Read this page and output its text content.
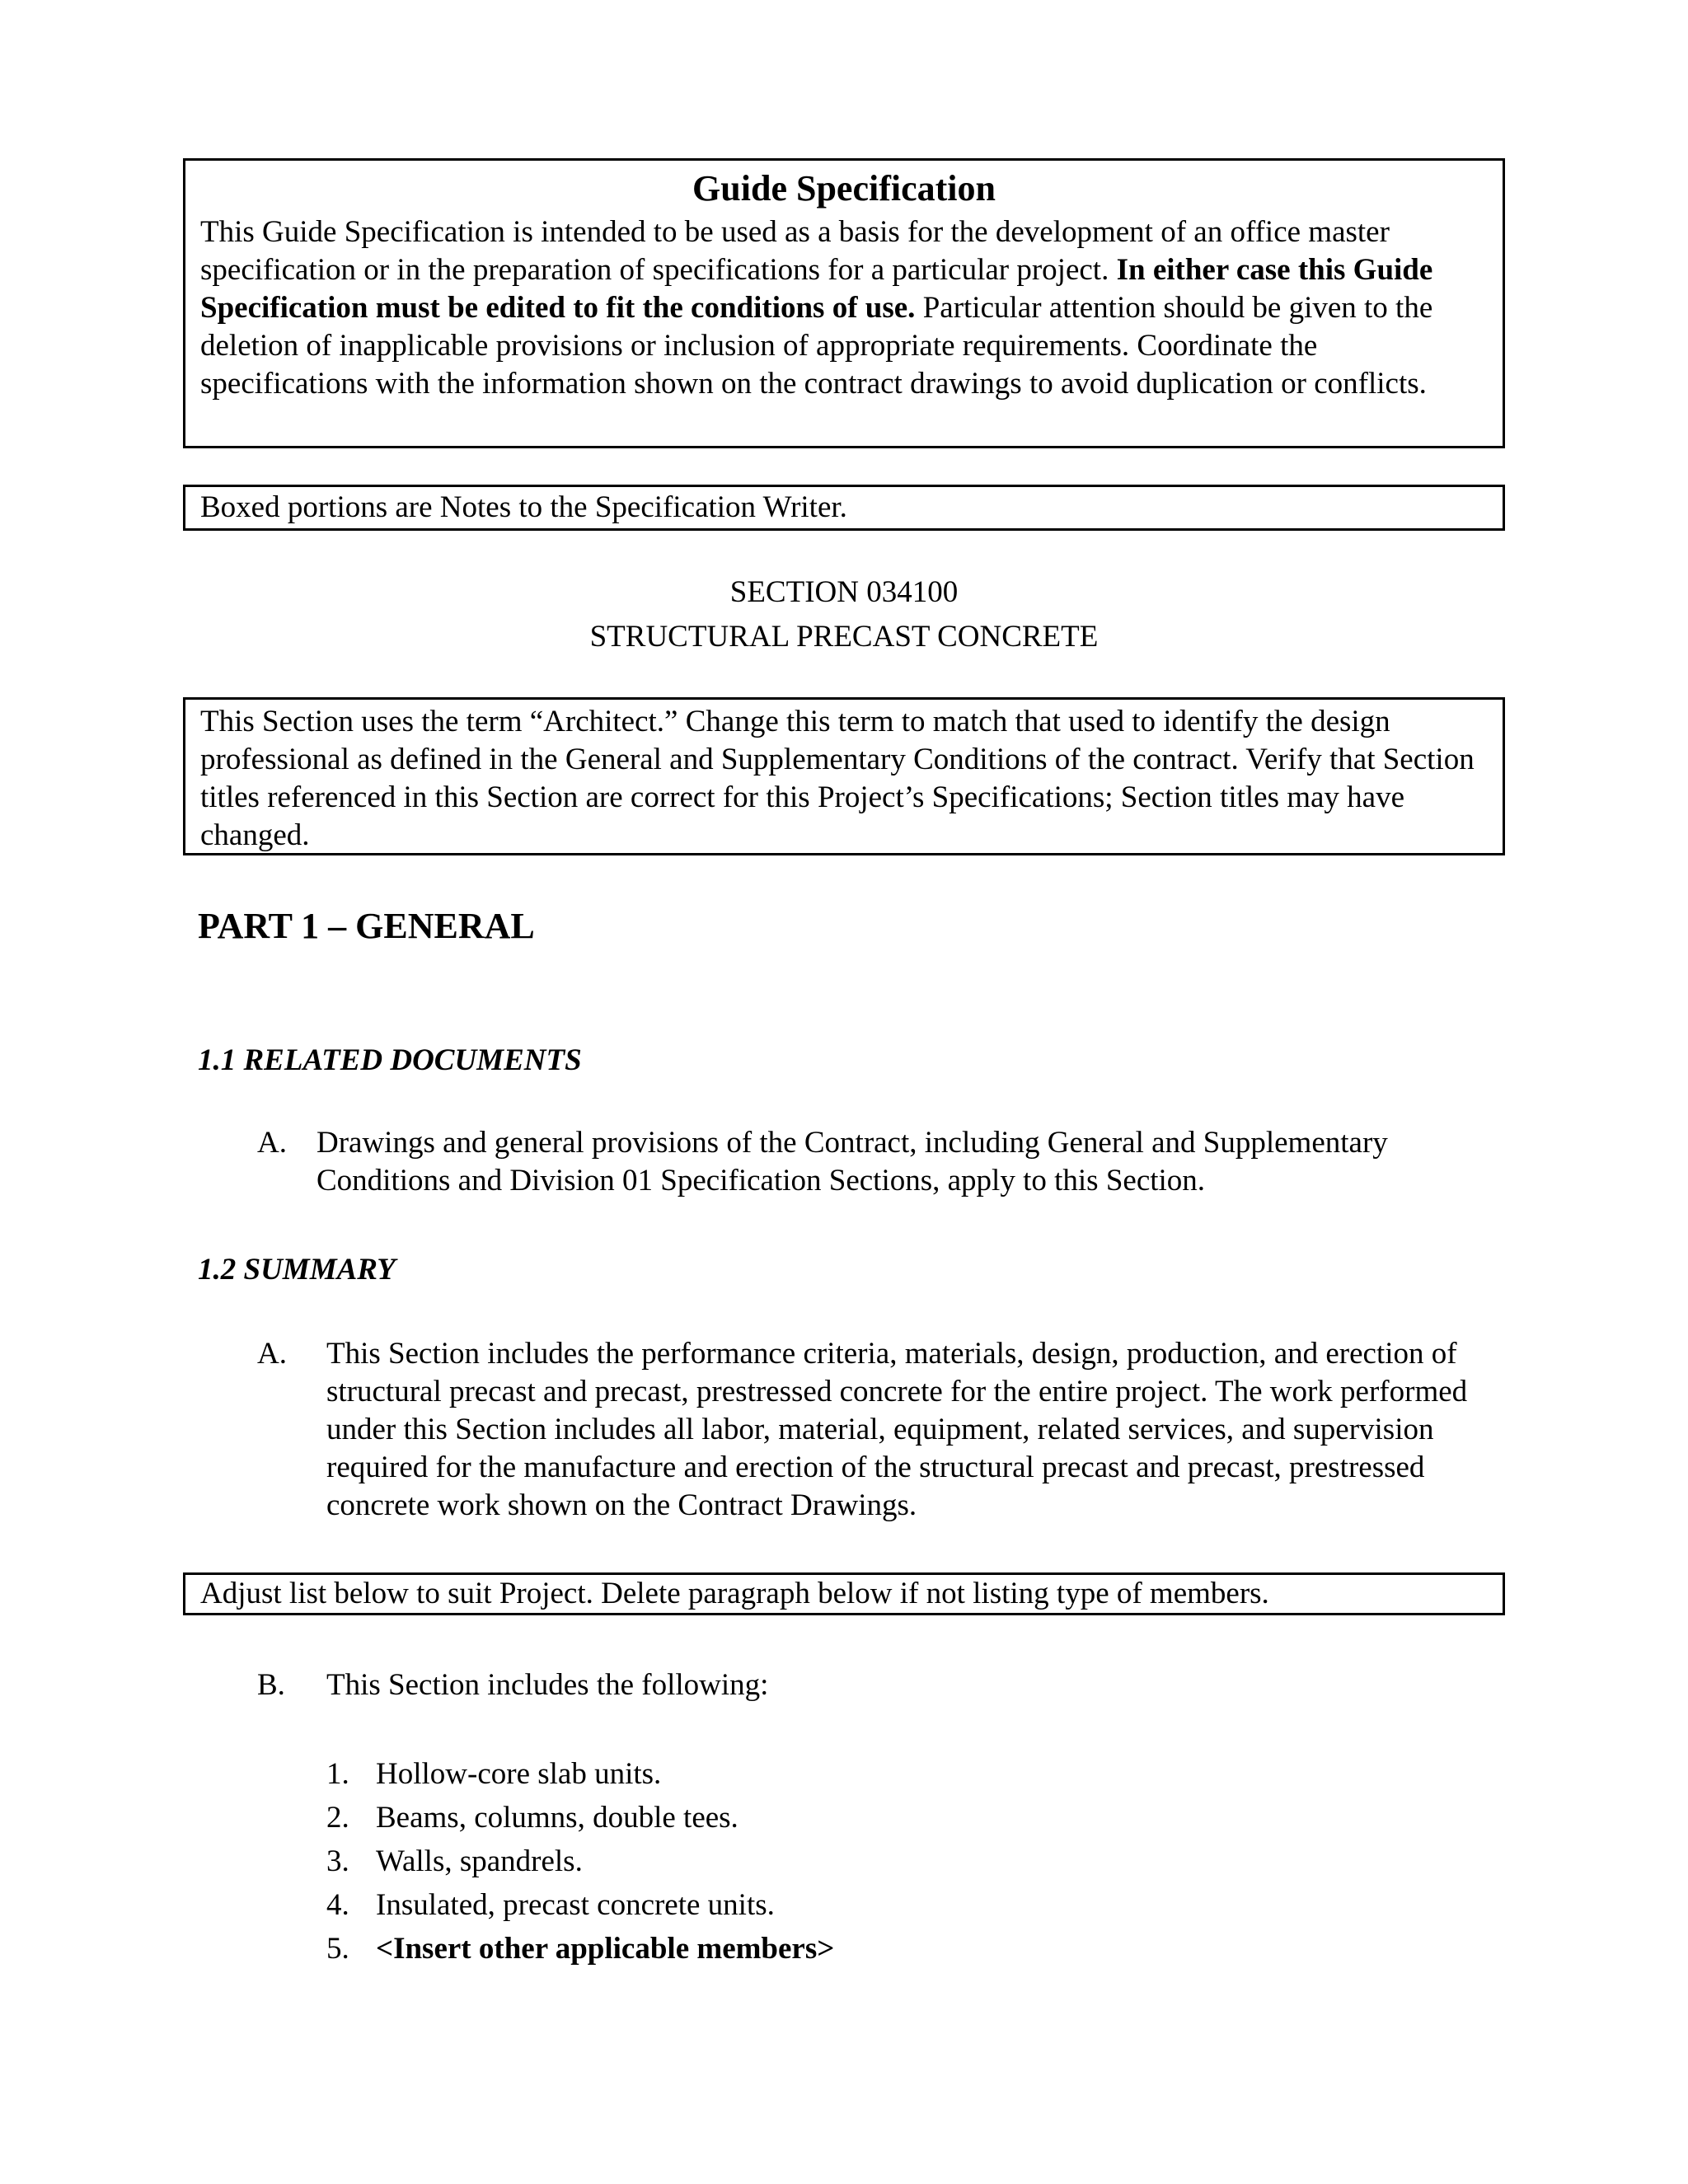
Guide Specification
This Guide Specification is intended to be used as a basis for the development of an office master specification or in the preparation of specifications for a particular project. In either case this Guide Specification must be edited to fit the conditions of use. Particular attention should be given to the deletion of inapplicable provisions or inclusion of appropriate requirements. Coordinate the specifications with the information shown on the contract drawings to avoid duplication or conflicts.
Boxed portions are Notes to the Specification Writer.
SECTION 034100
STRUCTURAL PRECAST CONCRETE
This Section uses the term “Architect.” Change this term to match that used to identify the design professional as defined in the General and Supplementary Conditions of the contract. Verify that Section titles referenced in this Section are correct for this Project’s Specifications; Section titles may have changed.
PART 1 – GENERAL
1.1 RELATED DOCUMENTS
A. Drawings and general provisions of the Contract, including General and Supplementary Conditions and Division 01 Specification Sections, apply to this Section.
1.2 SUMMARY
A. This Section includes the performance criteria, materials, design, production, and erection of structural precast and precast, prestressed concrete for the entire project. The work performed under this Section includes all labor, material, equipment, related services, and supervision required for the manufacture and erection of the structural precast and precast, prestressed concrete work shown on the Contract Drawings.
Adjust list below to suit Project. Delete paragraph below if not listing type of members.
B. This Section includes the following:
1. Hollow-core slab units.
2. Beams, columns, double tees.
3. Walls, spandrels.
4. Insulated, precast concrete units.
5. <Insert other applicable members>
